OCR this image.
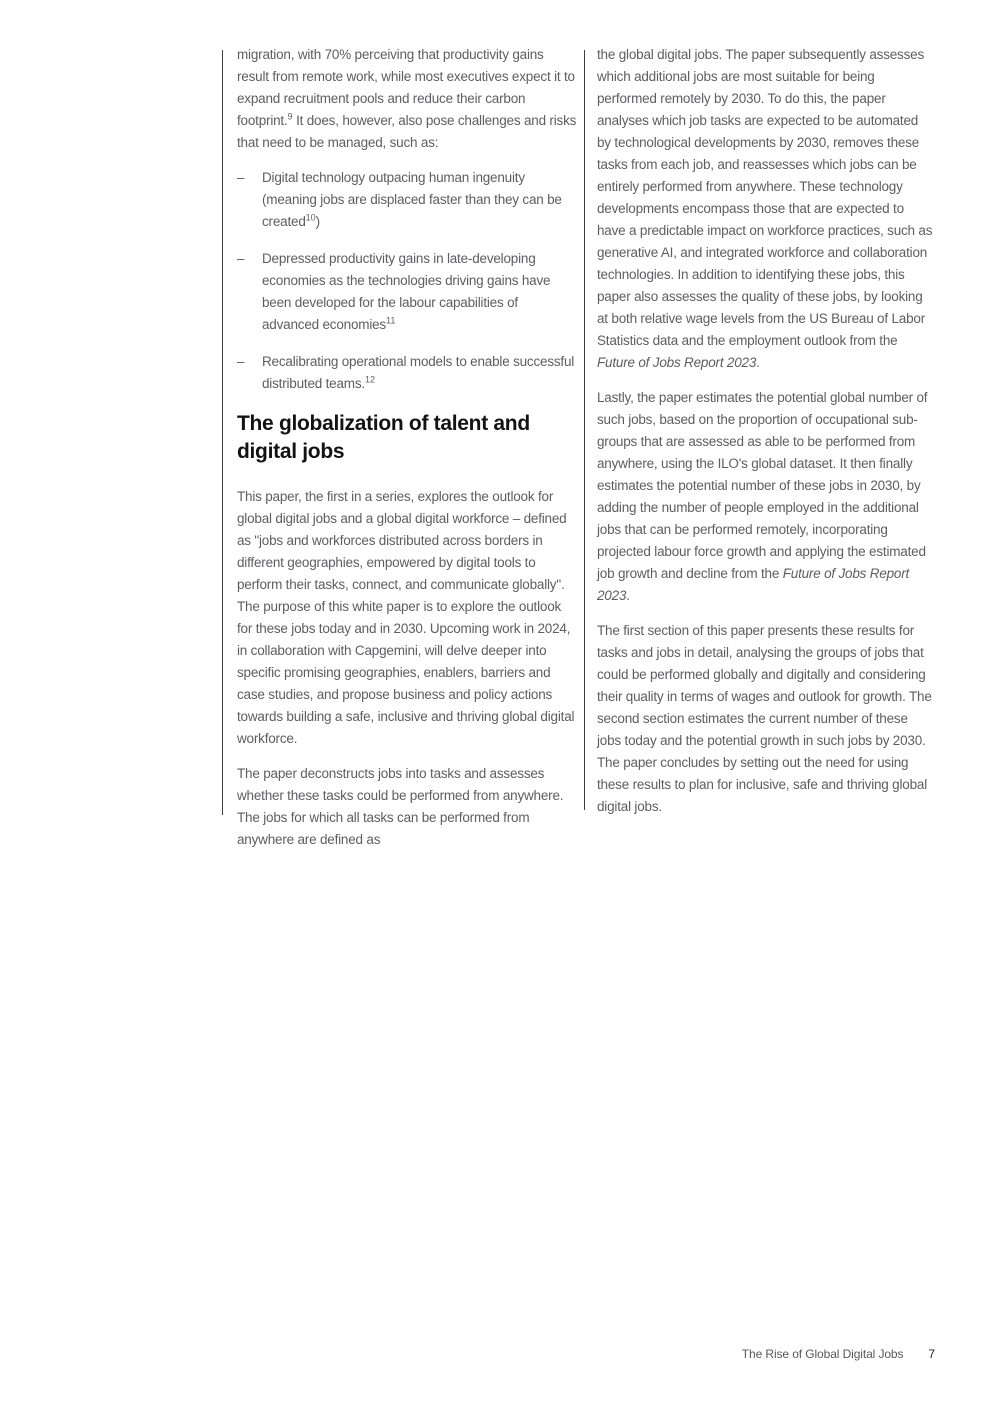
migration, with 70% perceiving that productivity gains result from remote work, while most executives expect it to expand recruitment pools and reduce their carbon footprint.$^9$ It does, however, also pose challenges and risks that need to be managed, such as:

–	Digital technology outpacing human ingenuity (meaning jobs are displaced faster than they can be created$^{10}$)
–	Depressed productivity gains in late-developing economies as the technologies driving gains have been developed for the labour capabilities of advanced economies$^{11}$
–	Recalibrating operational models to enable successful distributed teams.$^{12}$
The globalization of talent and digital jobs

This paper, the first in a series, explores the outlook for global digital jobs and a global digital workforce – defined as "jobs and workforces distributed across borders in different geographies, empowered by digital tools to perform their tasks, connect, and communicate globally". The purpose of this white paper is to explore the outlook for these jobs today and in 2030. Upcoming work in 2024, in collaboration with Capgemini, will delve deeper into specific promising geographies, enablers, barriers and case studies, and propose business and policy actions towards building a safe, inclusive and thriving global digital workforce.

The paper deconstructs jobs into tasks and assesses whether these tasks could be performed from anywhere. The jobs for which all tasks can be performed from anywhere are defined as

the global digital jobs. The paper subsequently assesses which additional jobs are most suitable for being performed remotely by 2030. To do this, the paper analyses which job tasks are expected to be automated by technological developments by 2030, removes these tasks from each job, and reassesses which jobs can be entirely performed from anywhere. These technology developments encompass those that are expected to have a predictable impact on workforce practices, such as generative AI, and integrated workforce and collaboration technologies. In addition to identifying these jobs, this paper also assesses the quality of these jobs, by looking at both relative wage levels from the US Bureau of Labor Statistics data and the employment outlook from the Future of Jobs Report 2023.

Lastly, the paper estimates the potential global number of such jobs, based on the proportion of occupational sub-groups that are assessed as able to be performed from anywhere, using the ILO's global dataset. It then finally estimates the potential number of these jobs in 2030, by adding the number of people employed in the additional jobs that can be performed remotely, incorporating projected labour force growth and applying the estimated job growth and decline from the Future of Jobs Report 2023.

The first section of this paper presents these results for tasks and jobs in detail, analysing the groups of jobs that could be performed globally and digitally and considering their quality in terms of wages and outlook for growth. The second section estimates the current number of these jobs today and the potential growth in such jobs by 2030. The paper concludes by setting out the need for using these results to plan for inclusive, safe and thriving global digital jobs.

The Rise of Global Digital Jobs 7
